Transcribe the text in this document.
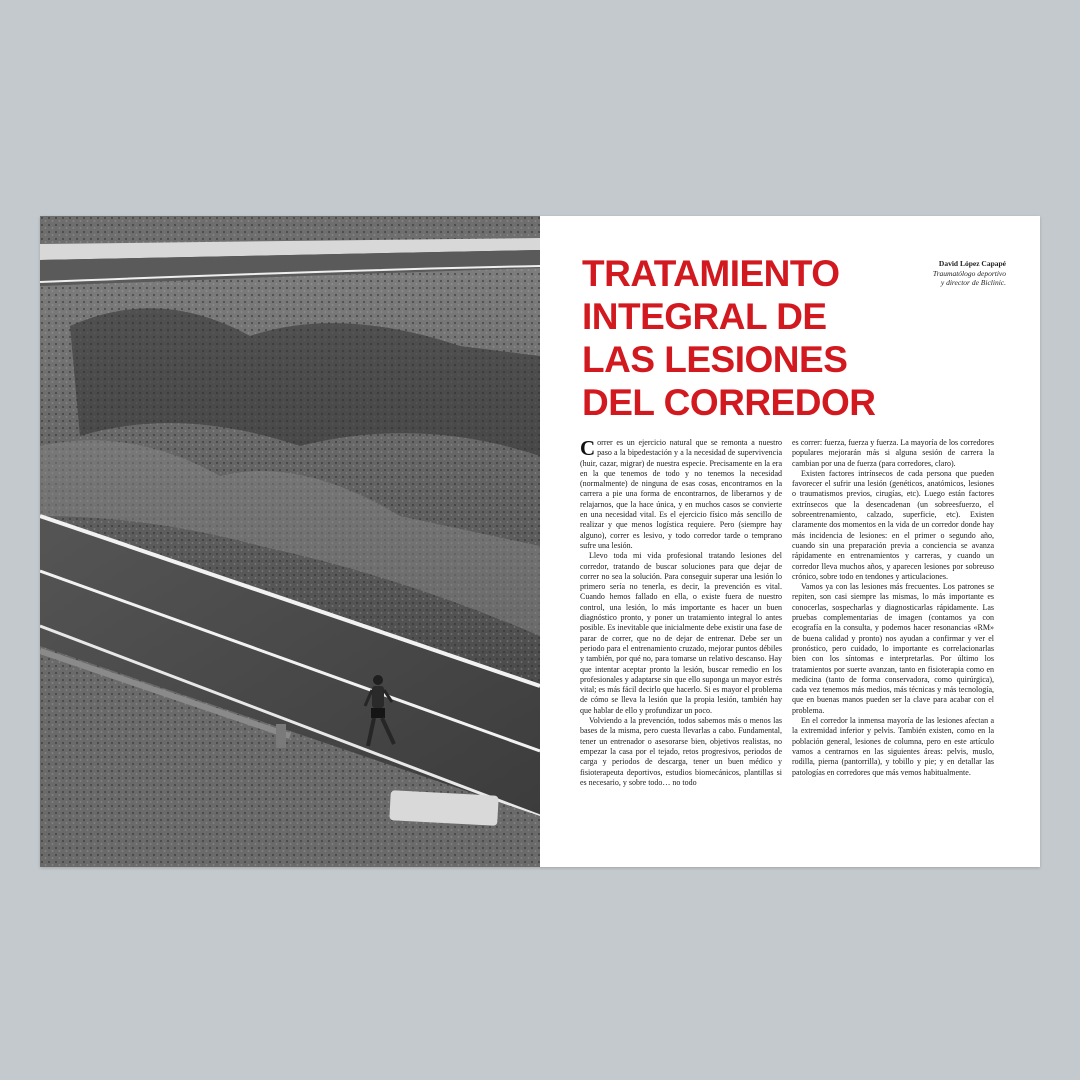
TRATAMIENTO
INTEGRAL DE
LAS LESIONES
DEL CORREDOR
David López Capapé
Traumatólogo deportivo
y director de Biclinic.

Correr es un ejercicio natural que se remonta a nuestro paso a la bipedestación y a la necesidad de supervivencia (huir, cazar, migrar) de nuestra especie. Precisamente en la era en la que tenemos de todo y no tenemos la necesidad (normalmente) de ninguna de esas cosas, encontramos en la carrera a pie una forma de encontrarnos, de liberarnos y de relajarnos, que la hace única, y en muchos casos se convierte en una necesidad vital. Es el ejercicio físico más sencillo de realizar y que menos logística requiere. Pero (siempre hay alguno), correr es lesivo, y todo corredor tarde o temprano sufre una lesión.

Llevo toda mi vida profesional tratando lesiones del corredor, tratando de buscar soluciones para que dejar de correr no sea la solución. Para conseguir superar una lesión lo primero sería no tenerla, es decir, la prevención es vital. Cuando hemos fallado en ella, o existe fuera de nuestro control, una lesión, lo más importante es hacer un buen diagnóstico pronto, y poner un tratamiento integral lo antes posible. Es inevitable que inicialmente debe existir una fase de parar de correr, que no de dejar de entrenar. Debe ser un periodo para el entrenamiento cruzado, mejorar puntos débiles y también, por qué no, para tomarse un relativo descanso. Hay que intentar aceptar pronto la lesión, buscar remedio en los profesionales y adaptarse sin que ello suponga un mayor estrés vital; es más fácil decirlo que hacerlo. Si es mayor el problema de cómo se lleva la lesión que la propia lesión, también hay que hablar de ello y profundizar un poco.

Volviendo a la prevención, todos sabemos más o menos las bases de la misma, pero cuesta llevarlas a cabo. Fundamental, tener un entrenador o asesorarse bien, objetivos realistas, no empezar la casa por el tejado, retos progresivos, periodos de carga y periodos de descarga, tener un buen médico y fisioterapeuta deportivos, estudios biomecánicos, plantillas si es necesario, y sobre todo… no todo

es correr: fuerza, fuerza y fuerza. La mayoría de los corredores populares mejorarán más si alguna sesión de carrera la cambian por una de fuerza (para corredores, claro).

Existen factores intrínsecos de cada persona que pueden favorecer el sufrir una lesión (genéticos, anatómicos, lesiones o traumatismos previos, cirugías, etc). Luego están factores extrínsecos que la desencadenan (un sobreesfuerzo, el sobreentrenamiento, calzado, superficie, etc). Existen claramente dos momentos en la vida de un corredor donde hay más incidencia de lesiones: en el primer o segundo año, cuando sin una preparación previa a conciencia se avanza rápidamente en entrenamientos y carreras, y cuando un corredor lleva muchos años, y aparecen lesiones por sobreuso crónico, sobre todo en tendones y articulaciones.

Vamos ya con las lesiones más frecuentes. Los patrones se repiten, son casi siempre las mismas, lo más importante es conocerlas, sospecharlas y diagnosticarlas rápidamente. Las pruebas complementarias de imagen (contamos ya con ecografía en la consulta, y podemos hacer resonancias «RM» de buena calidad y pronto) nos ayudan a confirmar y ver el pronóstico, pero cuidado, lo importante es correlacionarlas bien con los síntomas e interpretarlas. Por último los tratamientos por suerte avanzan, tanto en fisioterapia como en medicina (tanto de forma conservadora, como quirúrgica), cada vez tenemos más medios, más técnicas y más tecnología, que en buenas manos pueden ser la clave para acabar con el problema.

En el corredor la inmensa mayoría de las lesiones afectan a la extremidad inferior y pelvis. También existen, como en la población general, lesiones de columna, pero en este artículo vamos a centrarnos en las siguientes áreas: pelvis, muslo, rodilla, pierna (pantorrilla), y tobillo y pie; y en detallar las patologías en corredores que más vemos habitualmente.
